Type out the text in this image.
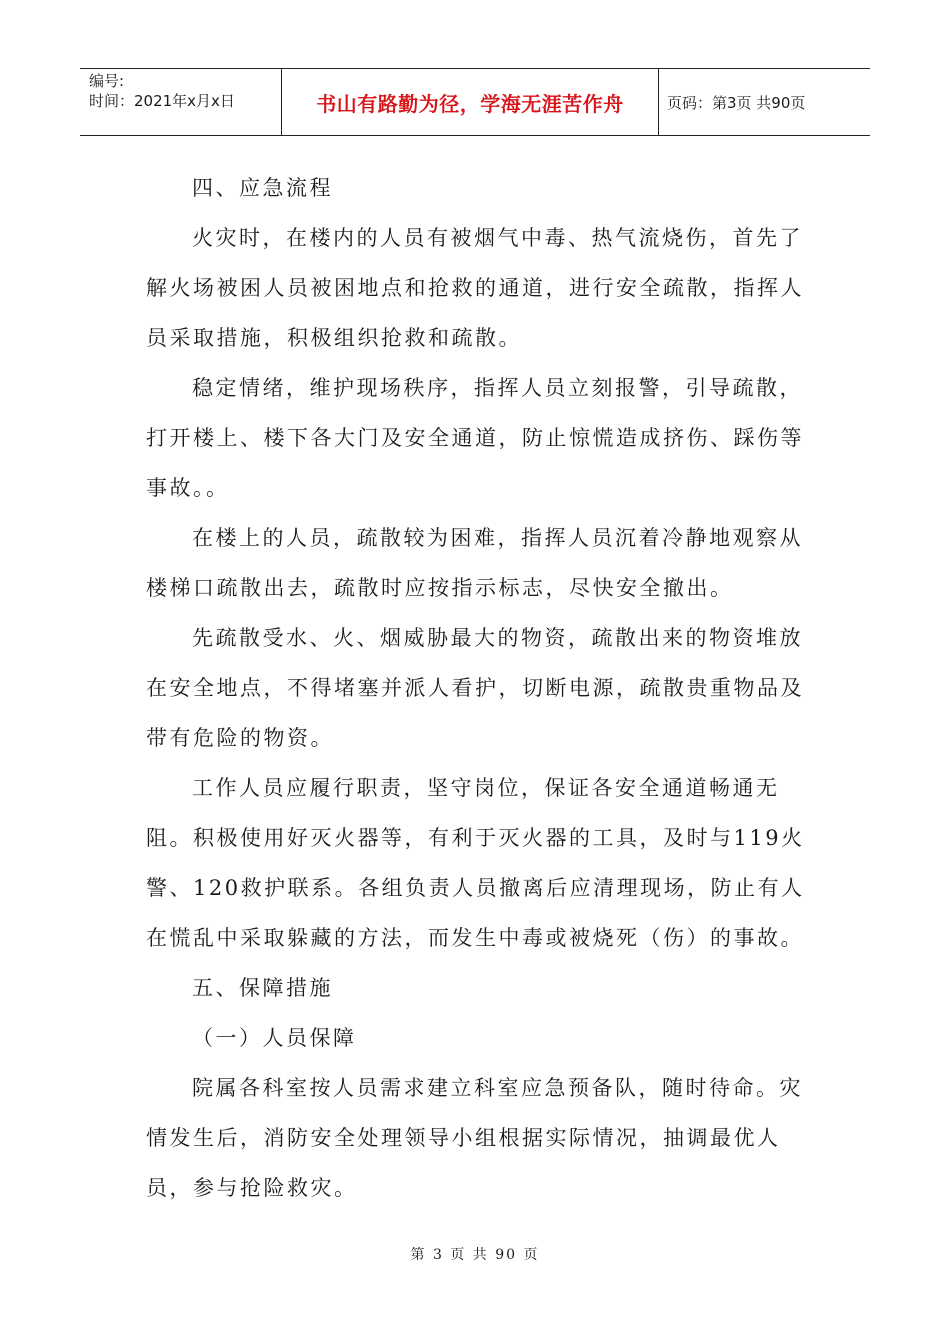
编号:
时间：2021年x月x日	书山有路勤为径，学海无涯苦作舟	页码：第3页 共90页

四、应急流程

火灾时，在楼内的人员有被烟气中毒、热气流烧伤，首先了解火场被困人员被困地点和抢救的通道，进行安全疏散，指挥人员采取措施，积极组织抢救和疏散。

稳定情绪，维护现场秩序，指挥人员立刻报警，引导疏散，打开楼上、楼下各大门及安全通道，防止惊慌造成挤伤、踩伤等事故。。

在楼上的人员，疏散较为困难，指挥人员沉着冷静地观察从楼梯口疏散出去，疏散时应按指示标志，尽快安全撤出。

先疏散受水、火、烟威胁最大的物资，疏散出来的物资堆放在安全地点，不得堵塞并派人看护，切断电源，疏散贵重物品及带有危险的物资。

工作人员应履行职责，坚守岗位，保证各安全通道畅通无阻。积极使用好灭火器等，有利于灭火器的工具，及时与119火警、120救护联系。各组负责人员撤离后应清理现场，防止有人在慌乱中采取躲藏的方法，而发生中毒或被烧死（伤）的事故。

五、保障措施

（一）人员保障

院属各科室按人员需求建立科室应急预备队，随时待命。灾情发生后，消防安全处理领导小组根据实际情况，抽调最优人员，参与抢险救灾。

第 3 页 共 90 页
